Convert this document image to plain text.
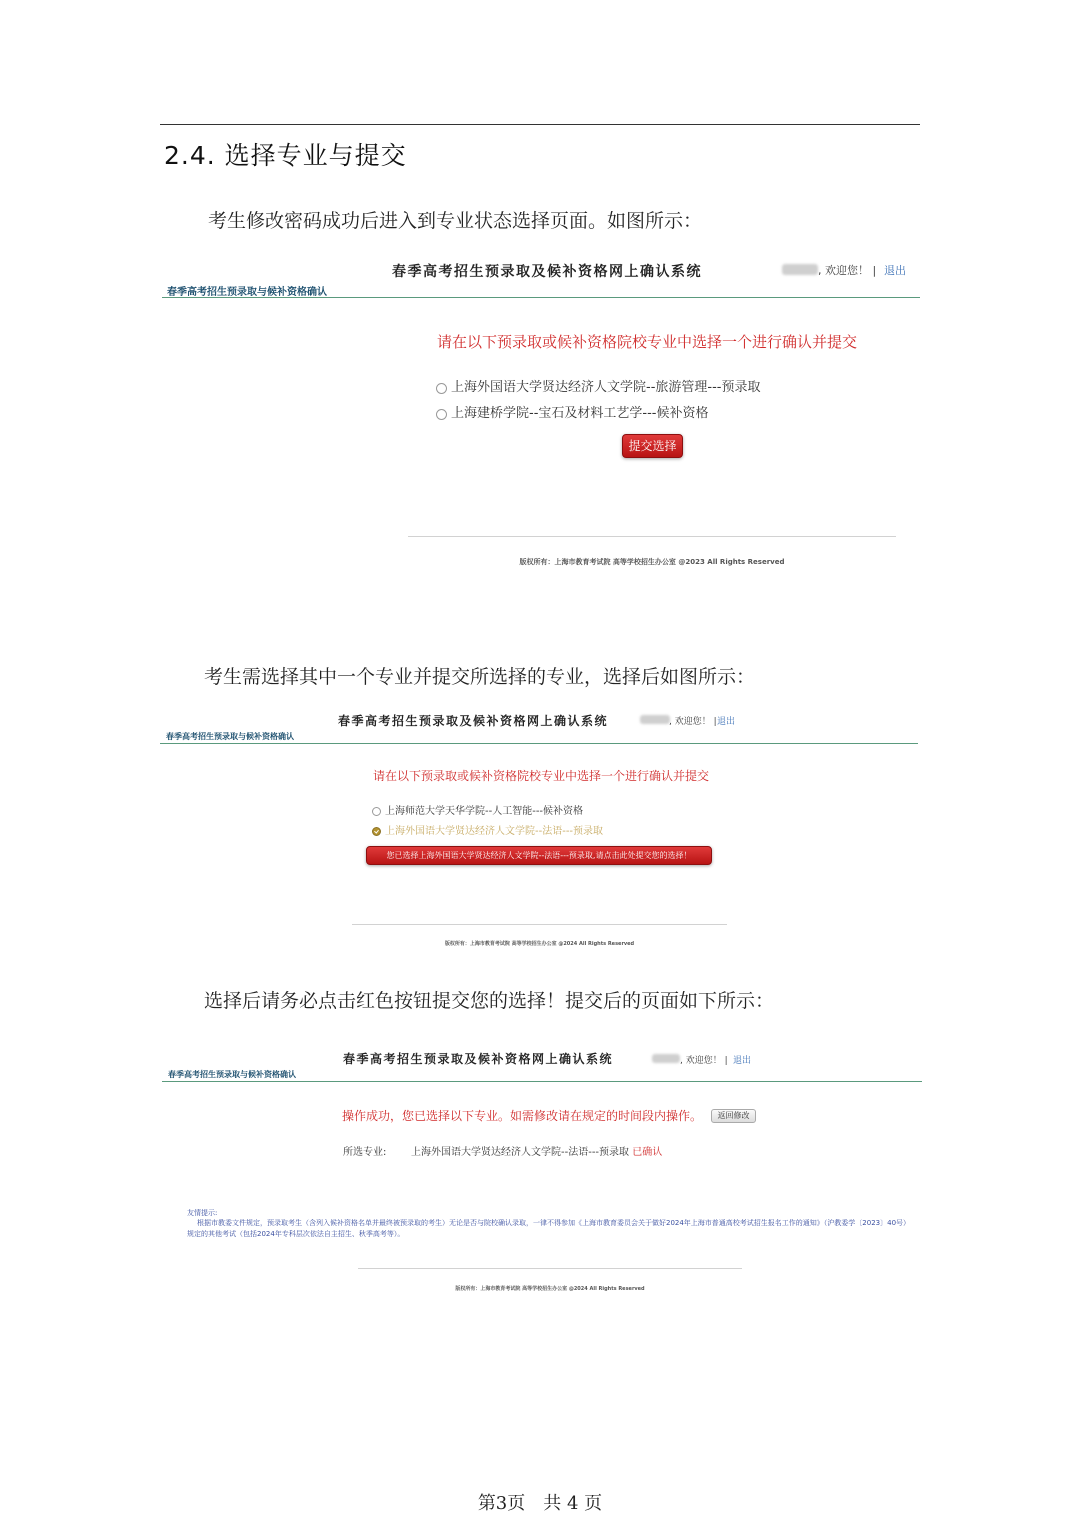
2.4. 选择专业与提交
考生修改密码成功后进入到专业状态选择页面。如图所示：
春季高考招生预录取及候补资格网上确认系统	, 欢迎您！ | 退出
春季高考招生预录取与候补资格确认
请在以下预录取或候补资格院校专业中选择一个进行确认并提交
上海外国语大学贤达经济人文学院--旅游管理---预录取
上海建桥学院--宝石及材料工艺学---候补资格
提交选择
版权所有：上海市教育考试院 高等学校招生办公室 @2023 All Rights Reserved
考生需选择其中一个专业并提交所选择的专业，选择后如图所示：
春季高考招生预录取及候补资格网上确认系统	, 欢迎您！ | 退出
春季高考招生预录取与候补资格确认
请在以下预录取或候补资格院校专业中选择一个进行确认并提交
上海师范大学天华学院--人工智能---候补资格
上海外国语大学贤达经济人文学院--法语---预录取
您已选择上海外国语大学贤达经济人文学院--法语---预录取,请点击此处提交您的选择！
版权所有：上海市教育考试院 高等学校招生办公室 @2024 All Rights Reserved
选择后请务必点击红色按钮提交您的选择！提交后的页面如下所示：
春季高考招生预录取及候补资格网上确认系统	, 欢迎您！ | 退出
春季高考招生预录取与候补资格确认
操作成功，您已选择以下专业。如需修改请在规定的时间段内操作。	返回修改
所选专业: 上海外国语大学贤达经济人文学院--法语---预录取 已确认
友情提示:
根据市教委文件规定，预录取考生（含列入候补资格名单并最终被预录取的考生）无论是否与院校确认录取，一律不得参加《上海市教育委员会关于做好2024年上海市普通高校考试招生报名工作的通知》（沪教委学〔2023〕40号）规定的其他考试（包括2024年专科层次依法自主招生、秋季高考等）。
版权所有：上海市教育考试院 高等学校招生办公室 @2024 All Rights Reserved
第3页　共 4 页
